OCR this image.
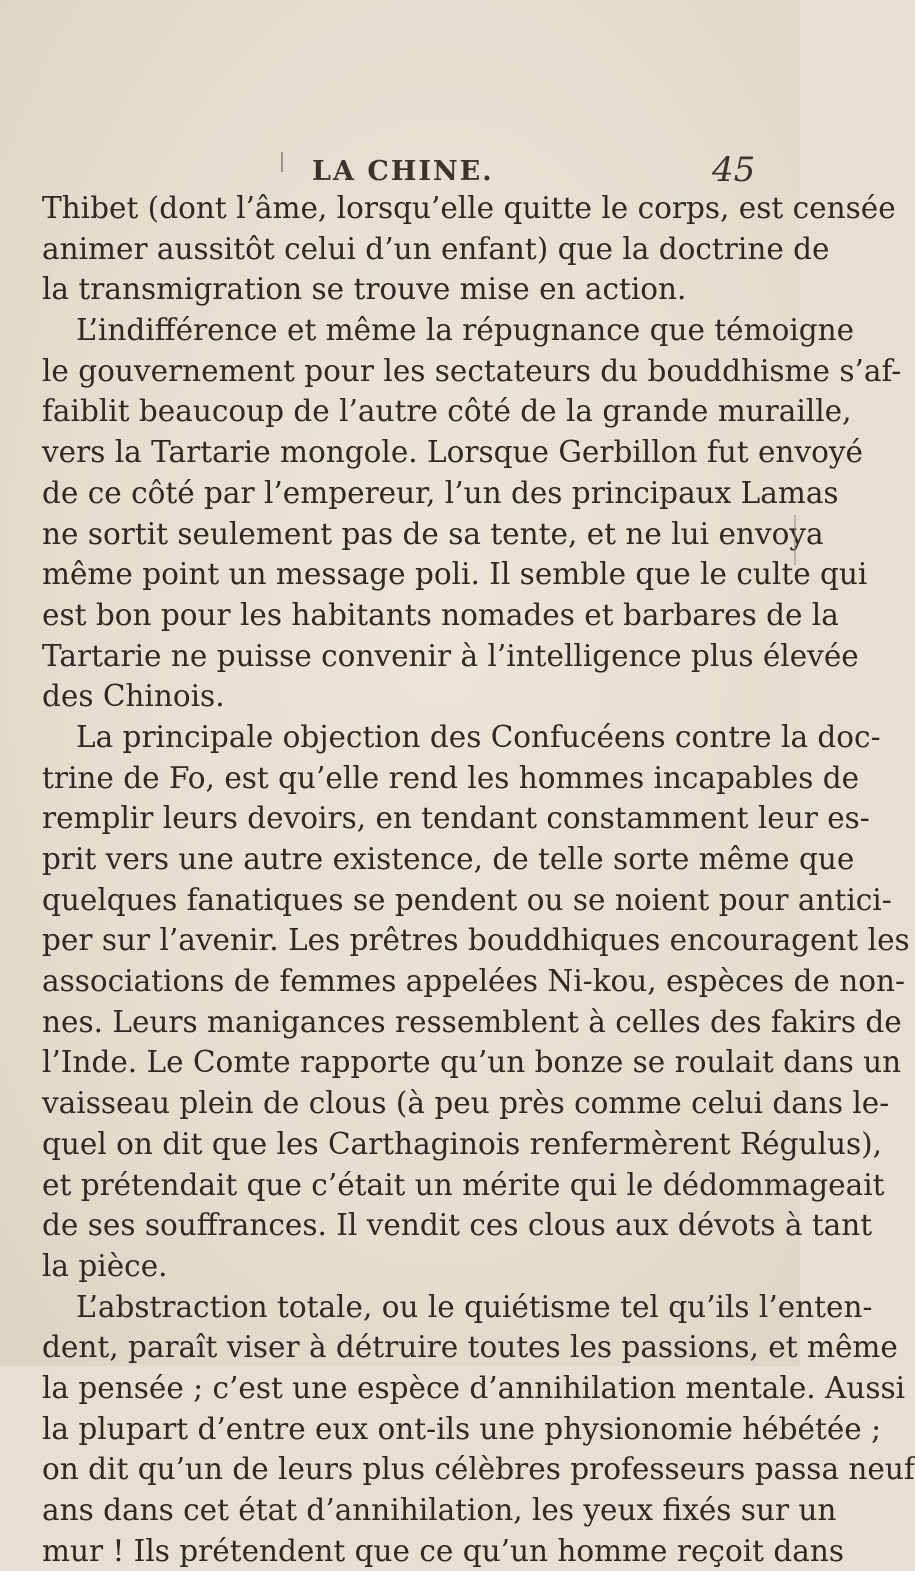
LA CHINE.	45
Thibet (dont l’âme, lorsqu’elle quitte le corps, est censée
animer aussitôt celui d’un enfant) que la doctrine de
la transmigration se trouve mise en action.
L’indifférence et même la répugnance que témoigne
le gouvernement pour les sectateurs du bouddhisme s’af-
faiblit beaucoup de l’autre côté de la grande muraille,
vers la Tartarie mongole. Lorsque Gerbillon fut envoyé
de ce côté par l’empereur, l’un des principaux Lamas
ne sortit seulement pas de sa tente, et ne lui envoya
même point un message poli. Il semble que le culte qui
est bon pour les habitants nomades et barbares de la
Tartarie ne puisse convenir à l’intelligence plus élevée
des Chinois.
La principale objection des Confucéens contre la doc-
trine de Fo, est qu’elle rend les hommes incapables de
remplir leurs devoirs, en tendant constamment leur es-
prit vers une autre existence, de telle sorte même que
quelques fanatiques se pendent ou se noient pour antici-
per sur l’avenir. Les prêtres bouddhiques encouragent les
associations de femmes appelées Ni-kou, espèces de non-
nes. Leurs manigances ressemblent à celles des fakirs de
l’Inde. Le Comte rapporte qu’un bonze se roulait dans un
vaisseau plein de clous (à peu près comme celui dans le-
quel on dit que les Carthaginois renfermèrent Régulus),
et prétendait que c’était un mérite qui le dédommageait
de ses souffrances. Il vendit ces clous aux dévots à tant
la pièce.
L’abstraction totale, ou le quiétisme tel qu’ils l’enten-
dent, paraît viser à détruire toutes les passions, et même
la pensée ; c’est une espèce d’annihilation mentale. Aussi
la plupart d’entre eux ont-ils une physionomie hébétée ;
on dit qu’un de leurs plus célèbres professeurs passa neuf
ans dans cet état d’annihilation, les yeux fixés sur un
mur ! Ils prétendent que ce qu’un homme reçoit dans
